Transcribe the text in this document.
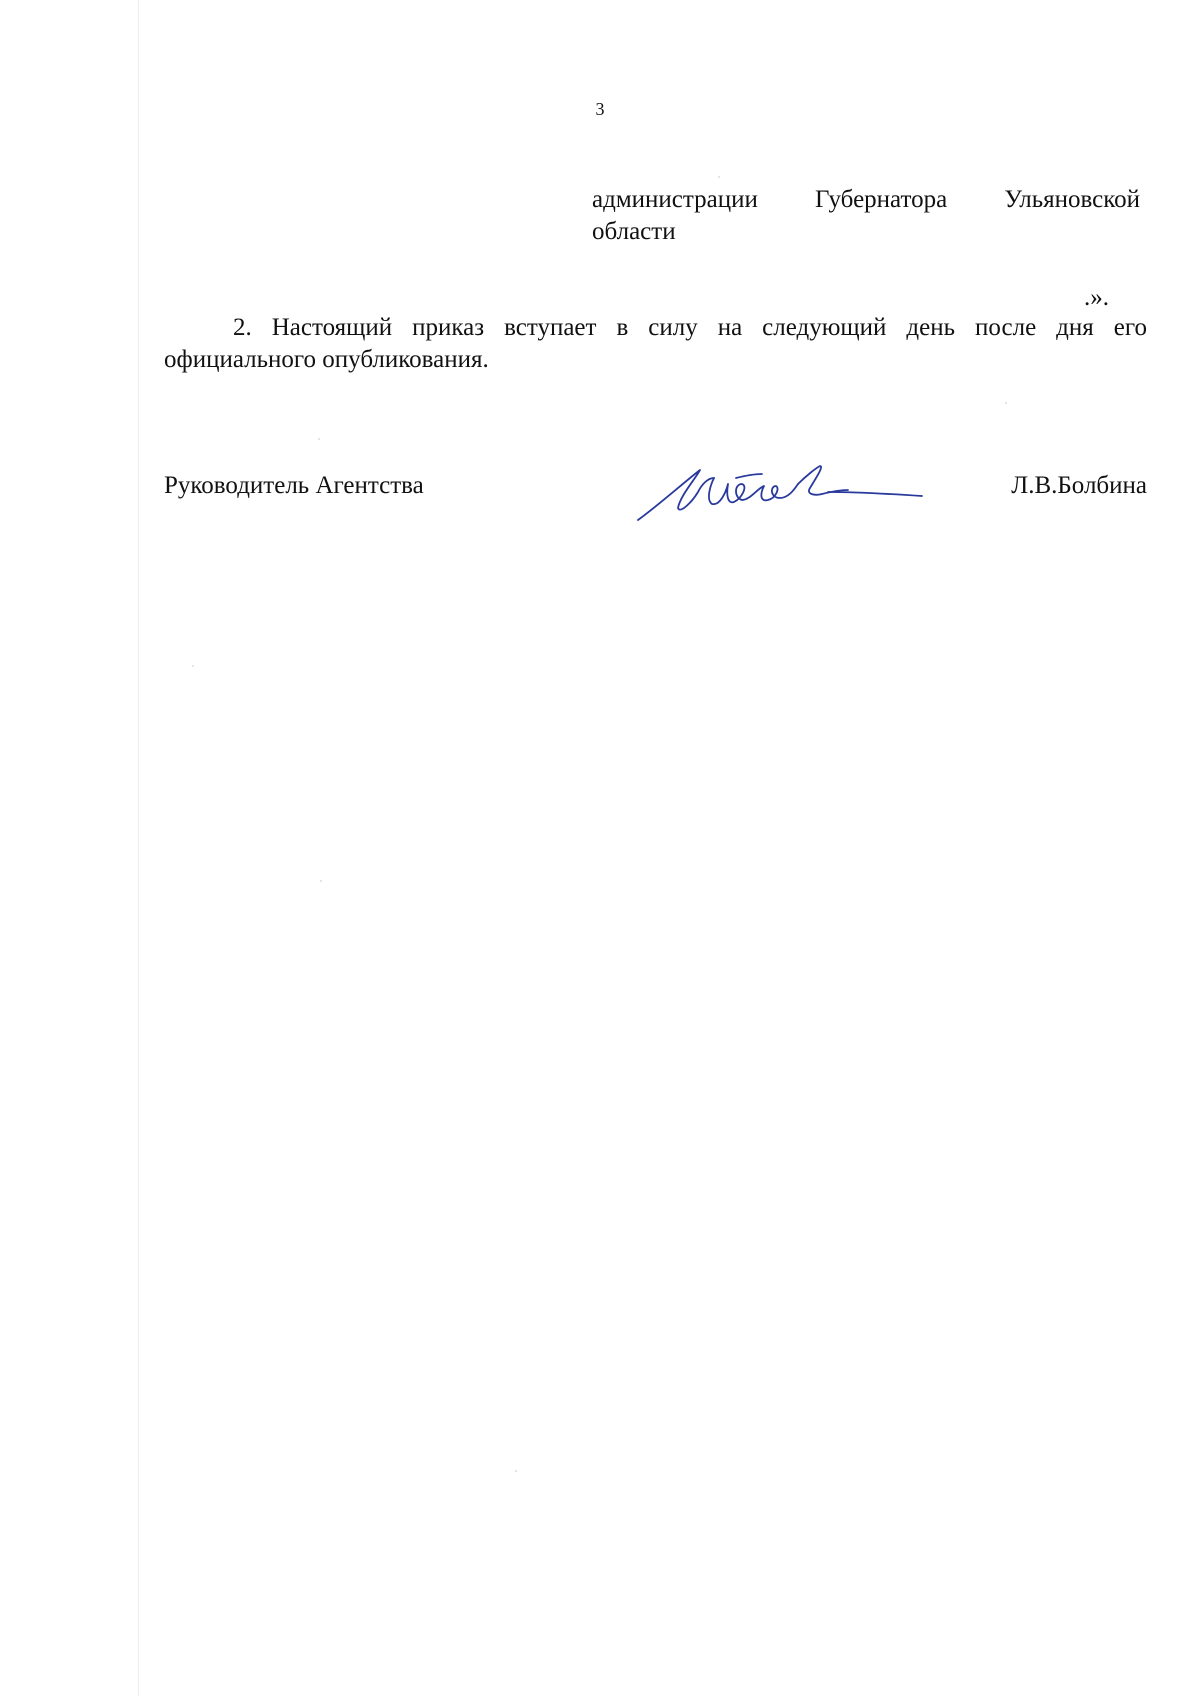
3
администрации Губернатора Ульяновской
области
.».
2. Настоящий приказ вступает в силу на следующий день после дня его официального опубликования.
Руководитель Агентства	Л.В.Болбина
